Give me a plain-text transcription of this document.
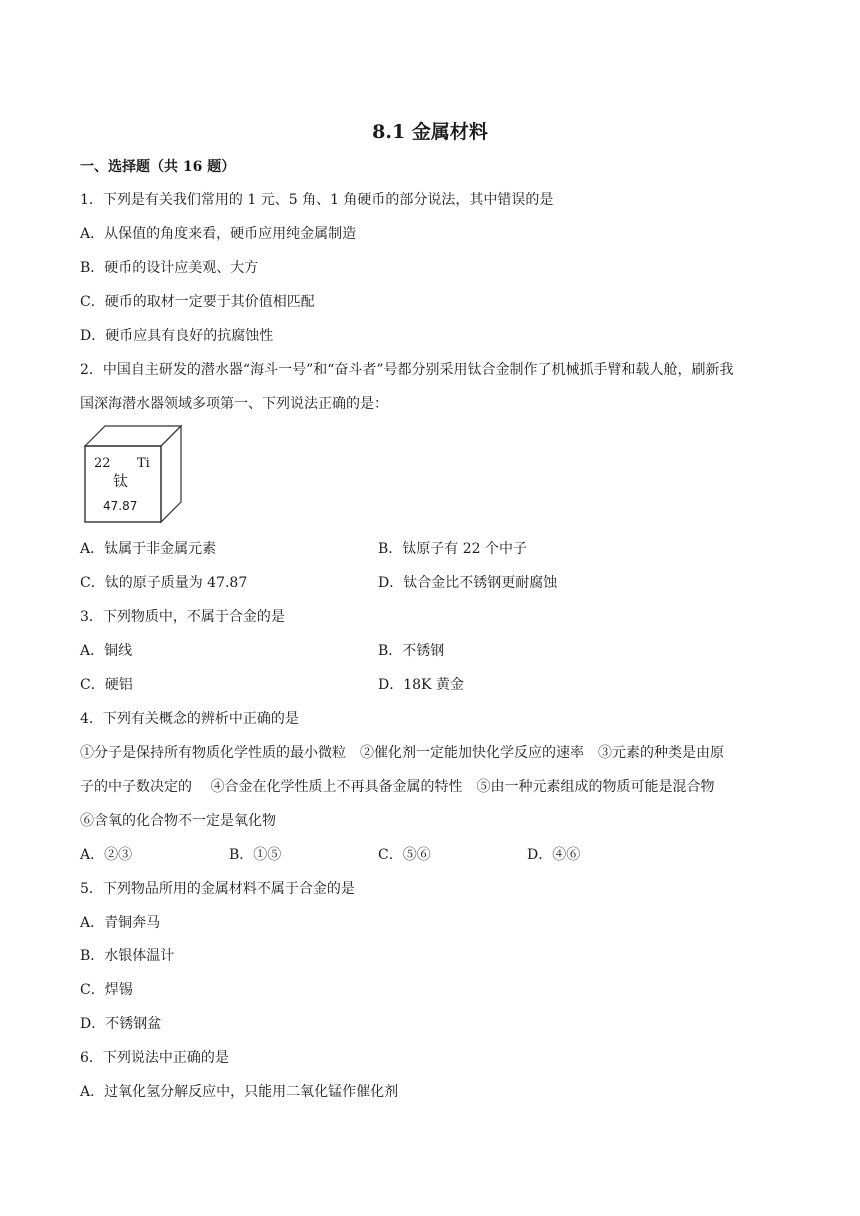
8.1 金属材料
一、选择题（共 16 题）
1．下列是有关我们常用的 1 元、5 角、1 角硬币的部分说法，其中错误的是
A．从保值的角度来看，硬币应用纯金属制造
B．硬币的设计应美观、大方
C．硬币的取材一定要于其价值相匹配
D．硬币应具有良好的抗腐蚀性
2．中国自主研发的潜水器“海斗一号”和“奋斗者”号都分别采用钛合金制作了机械抓手臂和载人舱，刷新我
国深海潜水器领域多项第一、下列说法正确的是：
22 Ti
钛
47.87
A．钛属于非金属元素	B．钛原子有 22 个中子
C．钛的原子质量为 47.87	D．钛合金比不锈钢更耐腐蚀
3．下列物质中，不属于合金的是
A．铜线	B．不锈钢
C．硬铝	D．18K 黄金
4．下列有关概念的辨析中正确的是
①分子是保持所有物质化学性质的最小微粒　②催化剂一定能加快化学反应的速率　③元素的种类是由原
子的中子数决定的　 ④合金在化学性质上不再具备金属的特性　⑤由一种元素组成的物质可能是混合物
⑥含氧的化合物不一定是氧化物
A．②③	B．①⑤	C．⑤⑥	D．④⑥
5．下列物品所用的金属材料不属于合金的是
A．青铜奔马
B．水银体温计
C．焊锡
D．不锈钢盆
6．下列说法中正确的是
A．过氧化氢分解反应中，只能用二氧化锰作催化剂
